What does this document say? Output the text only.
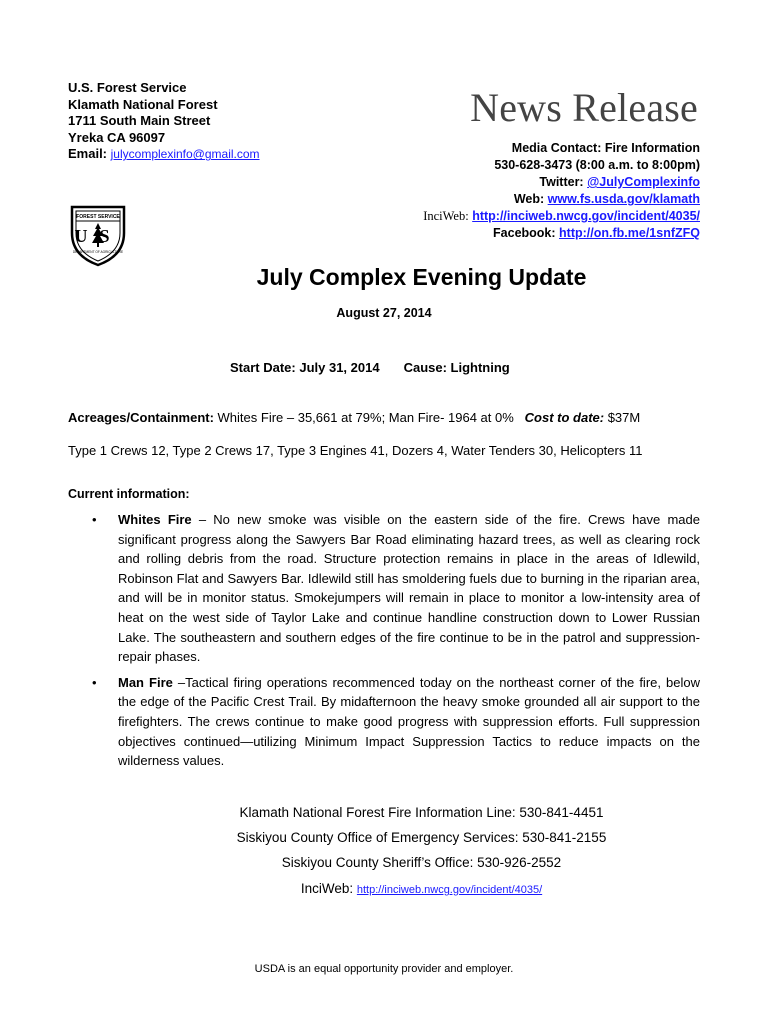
U.S. Forest Service
Klamath National Forest
1711 South Main Street
Yreka CA 96097
Email: julycomplexinfo@gmail.com
News Release
Media Contact: Fire Information
530-628-3473 (8:00 a.m. to 8:00pm)
Twitter: @JulyComplexinfo
Web: www.fs.usda.gov/klamath
InciWeb: http://inciweb.nwcg.gov/incident/4035/
Facebook: http://on.fb.me/1snfZFQ
FOREST SERVICE
US
DEPARTMENT OF AGRICULTURE
July Complex Evening Update
August 27, 2014
Start Date: July 31, 2014 Cause: Lightning
Acreages/Containment: Whites Fire – 35,661 at 79%; Man Fire- 1964 at 0% Cost to date: $37M
Type 1 Crews 12, Type 2 Crews 17, Type 3 Engines 41, Dozers 4, Water Tenders 30, Helicopters 11
Current information:
• Whites Fire – No new smoke was visible on the eastern side of the fire. Crews have made significant progress along the Sawyers Bar Road eliminating hazard trees, as well as clearing rock and rolling debris from the road. Structure protection remains in place in the areas of Idlewild, Robinson Flat and Sawyers Bar. Idlewild still has smoldering fuels due to burning in the riparian area, and will be in monitor status. Smokejumpers will remain in place to monitor a low-intensity area of heat on the west side of Taylor Lake and continue handline construction down to Lower Russian Lake. The southeastern and southern edges of the fire continue to be in the patrol and suppression-repair phases.
• Man Fire –Tactical firing operations recommenced today on the northeast corner of the fire, below the edge of the Pacific Crest Trail. By midafternoon the heavy smoke grounded all air support to the firefighters. The crews continue to make good progress with suppression efforts. Full suppression objectives continued—utilizing Minimum Impact Suppression Tactics to reduce impacts on the wilderness values.
Klamath National Forest Fire Information Line: 530-841-4451
Siskiyou County Office of Emergency Services: 530-841-2155
Siskiyou County Sheriff’s Office: 530-926-2552
InciWeb: http://inciweb.nwcg.gov/incident/4035/
USDA is an equal opportunity provider and employer.
